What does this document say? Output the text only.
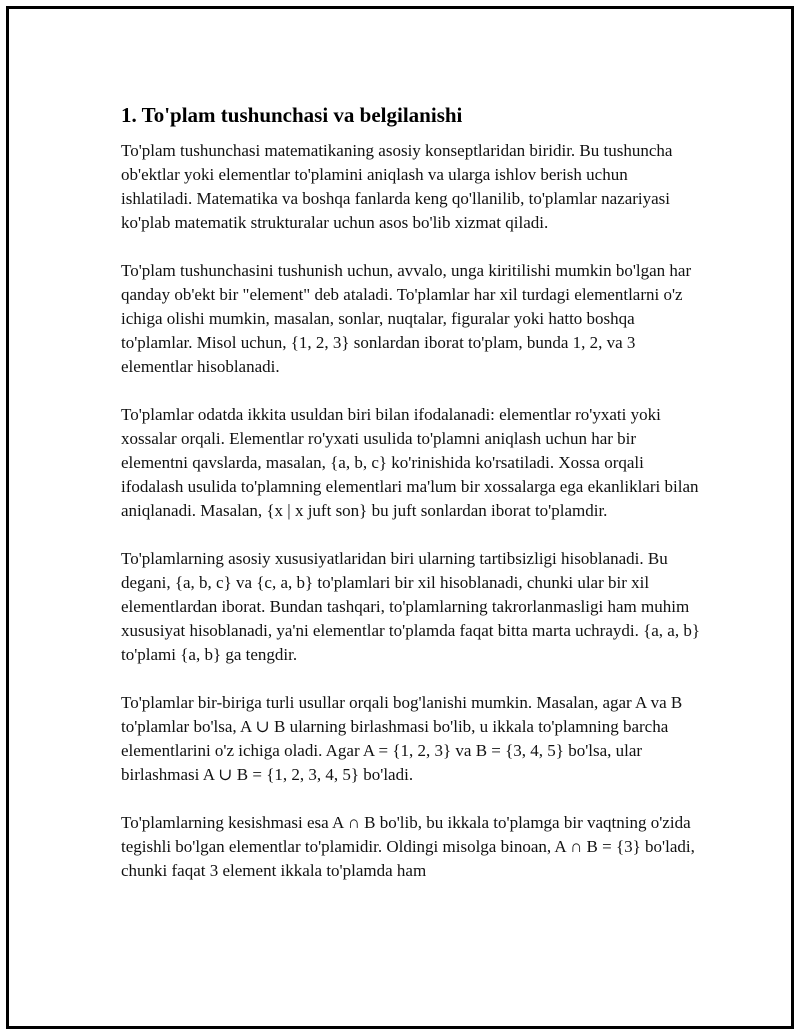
1. To'plam tushunchasi va belgilanishi

To'plam tushunchasi matematikaning asosiy konseptlaridan biridir. Bu tushuncha ob'ektlar yoki elementlar to'plamini aniqlash va ularga ishlov berish uchun ishlatiladi. Matematika va boshqa fanlarda keng qo'llanilib, to'plamlar nazariyasi ko'plab matematik strukturalar uchun asos bo'lib xizmat qiladi.

To'plam tushunchasini tushunish uchun, avvalo, unga kiritilishi mumkin bo'lgan har qanday ob'ekt bir "element" deb ataladi. To'plamlar har xil turdagi elementlarni o'z ichiga olishi mumkin, masalan, sonlar, nuqtalar, figuralar yoki hatto boshqa to'plamlar. Misol uchun, {1, 2, 3} sonlardan iborat to'plam, bunda 1, 2, va 3 elementlar hisoblanadi.

To'plamlar odatda ikkita usuldan biri bilan ifodalanadi: elementlar ro'yxati yoki xossalar orqali. Elementlar ro'yxati usulida to'plamni aniqlash uchun har bir elementni qavslarda, masalan, {a, b, c} ko'rinishida ko'rsatiladi. Xossa orqali ifodalash usulida to'plamning elementlari ma'lum bir xossalarga ega ekanliklari bilan aniqlanadi. Masalan, {x | x juft son} bu juft sonlardan iborat to'plamdir.

To'plamlarning asosiy xususiyatlaridan biri ularning tartibsizligi hisoblanadi. Bu degani, {a, b, c} va {c, a, b} to'plamlari bir xil hisoblanadi, chunki ular bir xil elementlardan iborat. Bundan tashqari, to'plamlarning takrorlanmasligi ham muhim xususiyat hisoblanadi, ya'ni elementlar to'plamda faqat bitta marta uchraydi. {a, a, b} to'plami {a, b} ga tengdir.

To'plamlar bir-biriga turli usullar orqali bog'lanishi mumkin. Masalan, agar A va B to'plamlar bo'lsa, A ∪ B ularning birlashmasi bo'lib, u ikkala to'plamning barcha elementlarini o'z ichiga oladi. Agar A = {1, 2, 3} va B = {3, 4, 5} bo'lsa, ular birlashmasi A ∪ B = {1, 2, 3, 4, 5} bo'ladi.

To'plamlarning kesishmasi esa A ∩ B bo'lib, bu ikkala to'plamga bir vaqtning o'zida tegishli bo'lgan elementlar to'plamidir. Oldingi misolga binoan, A ∩ B = {3} bo'ladi, chunki faqat 3 element ikkala to'plamda ham
